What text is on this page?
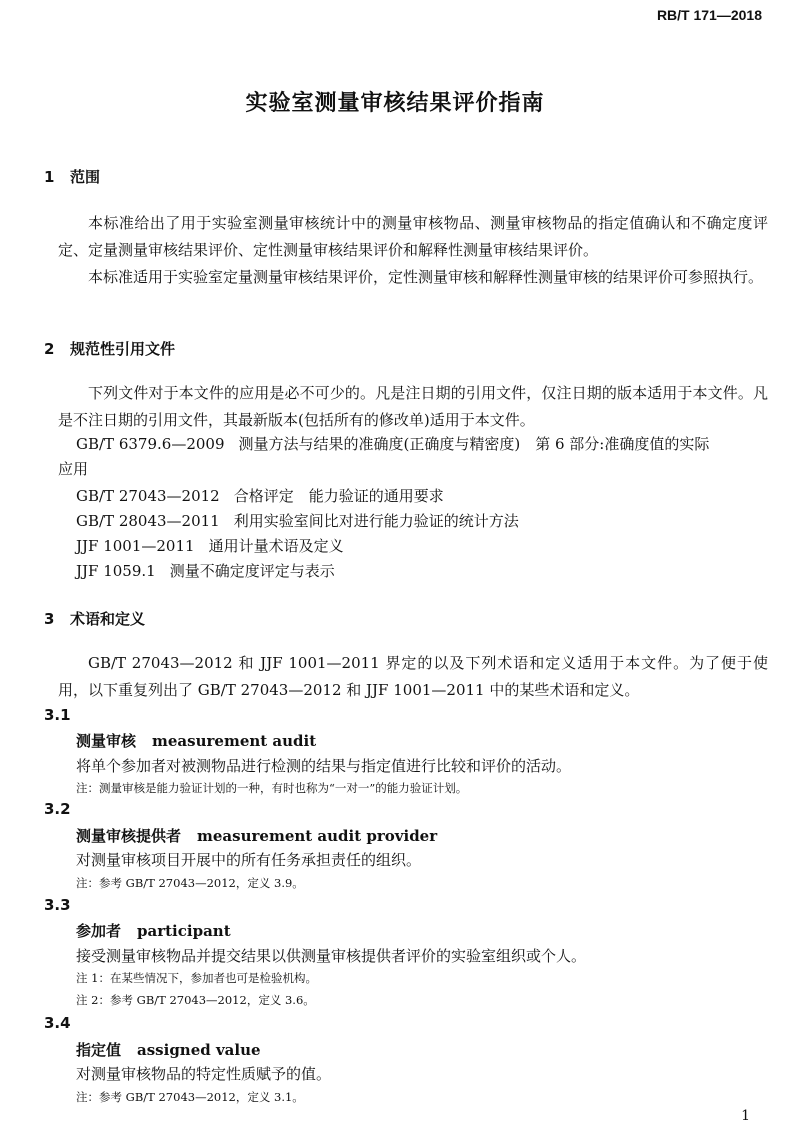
RB/T 171—2018
实验室测量审核结果评价指南
1 范围
本标准给出了用于实验室测量审核统计中的测量审核物品、测量审核物品的指定值确认和不确定度评定、定量测量审核结果评价、定性测量审核结果评价和解释性测量审核结果评价。
本标准适用于实验室定量测量审核结果评价，定性测量审核和解释性测量审核的结果评价可参照执行。
2 规范性引用文件
下列文件对于本文件的应用是必不可少的。凡是注日期的引用文件，仅注日期的版本适用于本文件。凡是不注日期的引用文件，其最新版本(包括所有的修改单)适用于本文件。
GB/T 6379.6—2009 测量方法与结果的准确度(正确度与精密度)　第 6 部分:准确度值的实际
应用
GB/T 27043—2012 合格评定　能力验证的通用要求
GB/T 28043—2011 利用实验室间比对进行能力验证的统计方法
JJF 1001—2011 通用计量术语及定义
JJF 1059.1 测量不确定度评定与表示
3 术语和定义
GB/T 27043—2012 和 JJF 1001—2011 界定的以及下列术语和定义适用于本文件。为了便于使用，以下重复列出了 GB/T 27043—2012 和 JJF 1001—2011 中的某些术语和定义。
3.1
测量审核 measurement audit
将单个参加者对被测物品进行检测的结果与指定值进行比较和评价的活动。
注：测量审核是能力验证计划的一种，有时也称为“一对一”的能力验证计划。
3.2
测量审核提供者 measurement audit provider
对测量审核项目开展中的所有任务承担责任的组织。
注：参考 GB/T 27043—2012，定义 3.9。
3.3
参加者 participant
接受测量审核物品并提交结果以供测量审核提供者评价的实验室组织或个人。
注 1：在某些情况下，参加者也可是检验机构。
注 2：参考 GB/T 27043—2012，定义 3.6。
3.4
指定值 assigned value
对测量审核物品的特定性质赋予的值。
注：参考 GB/T 27043—2012，定义 3.1。
1
